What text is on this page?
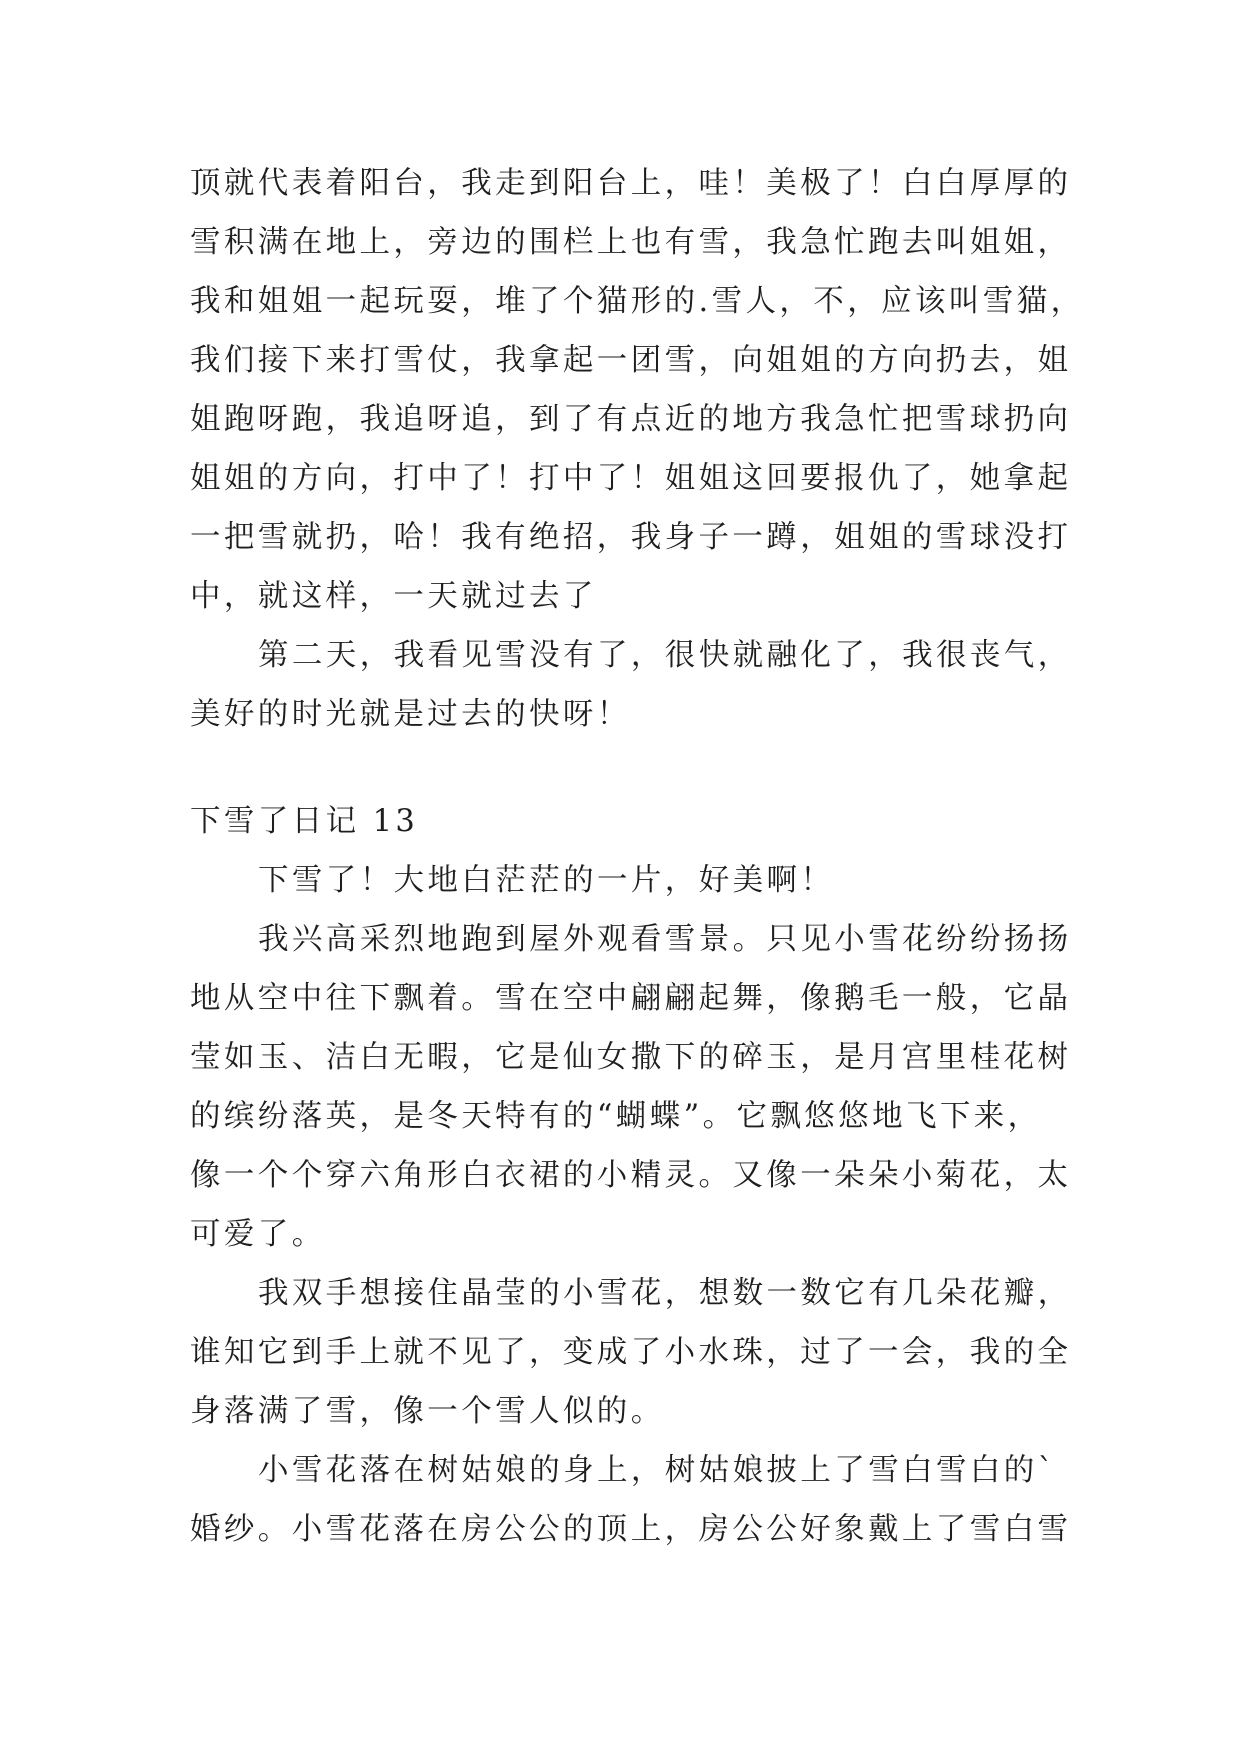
顶就代表着阳台，我走到阳台上，哇！美极了！白白厚厚的
雪积满在地上，旁边的围栏上也有雪，我急忙跑去叫姐姐，
我和姐姐一起玩耍，堆了个猫形的.雪人，不，应该叫雪猫，
我们接下来打雪仗，我拿起一团雪，向姐姐的方向扔去，姐
姐跑呀跑，我追呀追，到了有点近的地方我急忙把雪球扔向
姐姐的方向，打中了！打中了！姐姐这回要报仇了，她拿起
一把雪就扔，哈！我有绝招，我身子一蹲，姐姐的雪球没打
中，就这样，一天就过去了
第二天，我看见雪没有了，很快就融化了，我很丧气，
美好的时光就是过去的快呀！
下雪了日记 13
下雪了！大地白茫茫的一片，好美啊！
我兴高采烈地跑到屋外观看雪景。只见小雪花纷纷扬扬
地从空中往下飘着。雪在空中翩翩起舞，像鹅毛一般，它晶
莹如玉、洁白无暇，它是仙女撒下的碎玉，是月宫里桂花树
的缤纷落英，是冬天特有的“蝴蝶”。它飘悠悠地飞下来，
像一个个穿六角形白衣裙的小精灵。又像一朵朵小菊花，太
可爱了。
我双手想接住晶莹的小雪花，想数一数它有几朵花瓣，
谁知它到手上就不见了，变成了小水珠，过了一会，我的全
身落满了雪，像一个雪人似的。
小雪花落在树姑娘的身上，树姑娘披上了雪白雪白的`
婚纱。小雪花落在房公公的顶上，房公公好象戴上了雪白雪
